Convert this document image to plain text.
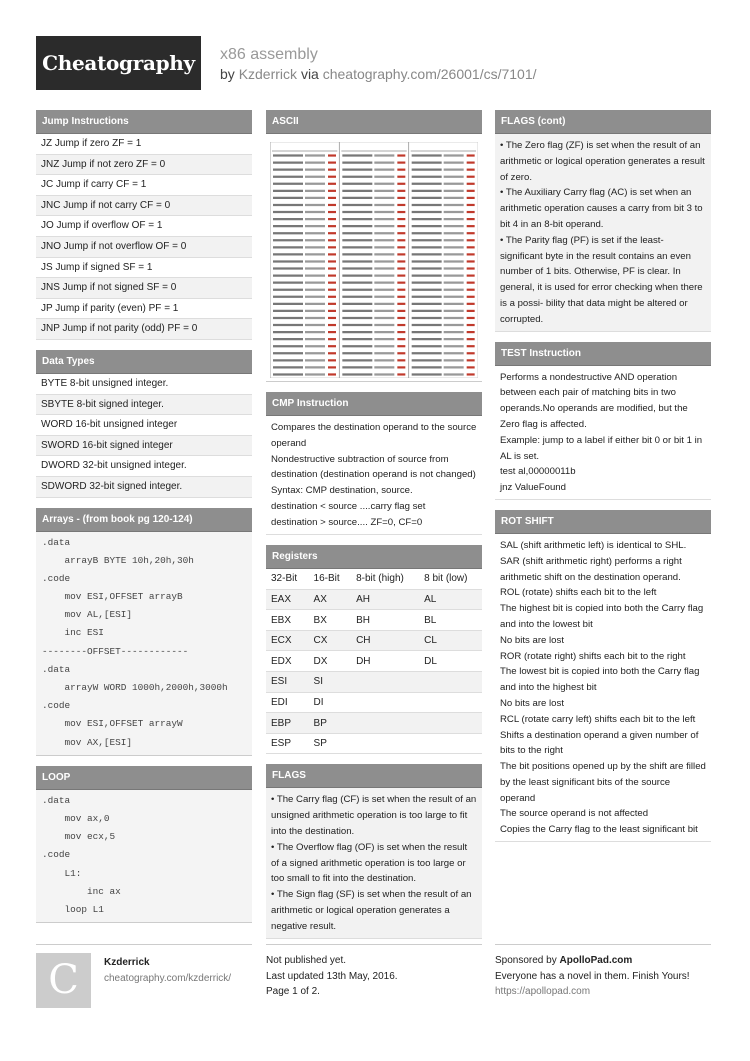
Cheatography	x86 assembly
by Kzderrick via cheatography.com/26001/cs/7101/
Jump Instructions
JZ Jump if zero ZF = 1
JNZ Jump if not zero ZF = 0
JC Jump if carry CF = 1
JNC Jump if not carry CF = 0
JO Jump if overflow OF = 1
JNO Jump if not overflow OF = 0
JS Jump if signed SF = 1
JNS Jump if not signed SF = 0
JP Jump if parity (even) PF = 1
JNP Jump if not parity (odd) PF = 0
Data Types
BYTE 8-bit unsigned integer.
SBYTE 8-bit signed integer.
WORD 16-bit unsigned integer
SWORD 16-bit signed integer
DWORD 32-bit unsigned integer.
SDWORD 32-bit signed integer.
Arrays - (from book pg 120-124)
.data
arrayB BYTE 10h,20h,30h
.code
mov ESI,OFFSET arrayB
mov AL,[ESI]
inc ESI
--------OFFSET------------
.data
arrayW WORD 1000h,2000h,3000h
.code
mov ESI,OFFSET arrayW
mov AX,[ESI]
LOOP
.data
mov ax,0
mov ecx,5
.code
L1:
inc ax
loop L1
ASCII
CMP Instruction

Compares the destination operand to the source operand

Nondestructive subtraction of source from destination (destination operand is not changed) Syntax: CMP destination, source.

destination < source ....carry flag set

destination > source.... ZF=0, CF=0

Registers
32-Bit	16-Bit	8-bit (high)	8 bit (low)
EAX	AX	AH	AL
EBX	BX	BH	BL
ECX	CX	CH	CL
EDX	DX	DH	DL
ESI	SI		
EDI	DI		
EBP	BP		
ESP	SP		
FLAGS

• The Carry flag (CF) is set when the result of an unsigned arithmetic operation is too large to fit into the destination.

• The Overflow flag (OF) is set when the result of a signed arithmetic operation is too large or too small to fit into the destination.

• The Sign flag (SF) is set when the result of an arithmetic or logical operation generates a negative result.

FLAGS (cont)

• The Zero flag (ZF) is set when the result of an arithmetic or logical operation generates a result of zero.

• The Auxiliary Carry flag (AC) is set when an arithmetic operation causes a carry from bit 3 to bit 4 in an 8-bit operand.

• The Parity flag (PF) is set if the least-significant byte in the result contains an even number of 1 bits. Otherwise, PF is clear. In general, it is used for error checking when there is a possi- bility that data might be altered or corrupted.

TEST Instruction

Performs a nondestructive AND operation between each pair of matching bits in two operands.No operands are modified, but the Zero flag is affected.

Example: jump to a label if either bit 0 or bit 1 in AL is set.

test al,00000011b

jnz ValueFound

ROT SHIFT

SAL (shift arithmetic left) is identical to SHL.

SAR (shift arithmetic right) performs a right arithmetic shift on the destination operand.

ROL (rotate) shifts each bit to the left

The highest bit is copied into both the Carry flag and into the lowest bit

No bits are lost

ROR (rotate right) shifts each bit to the right

The lowest bit is copied into both the Carry flag and into the highest bit

No bits are lost

RCL (rotate carry left) shifts each bit to the left

Shifts a destination operand a given number of bits to the right

The bit positions opened up by the shift are filled by the least significant bits of the source operand

The source operand is not affected

Copies the Carry flag to the least significant bit

C	Kzderrick
cheatography.com/kzderrick/
Not published yet.
Last updated 13th May, 2016.
Page 1 of 2.
Sponsored by ApolloPad.com
Everyone has a novel in them. Finish Yours!
https://apollopad.com
